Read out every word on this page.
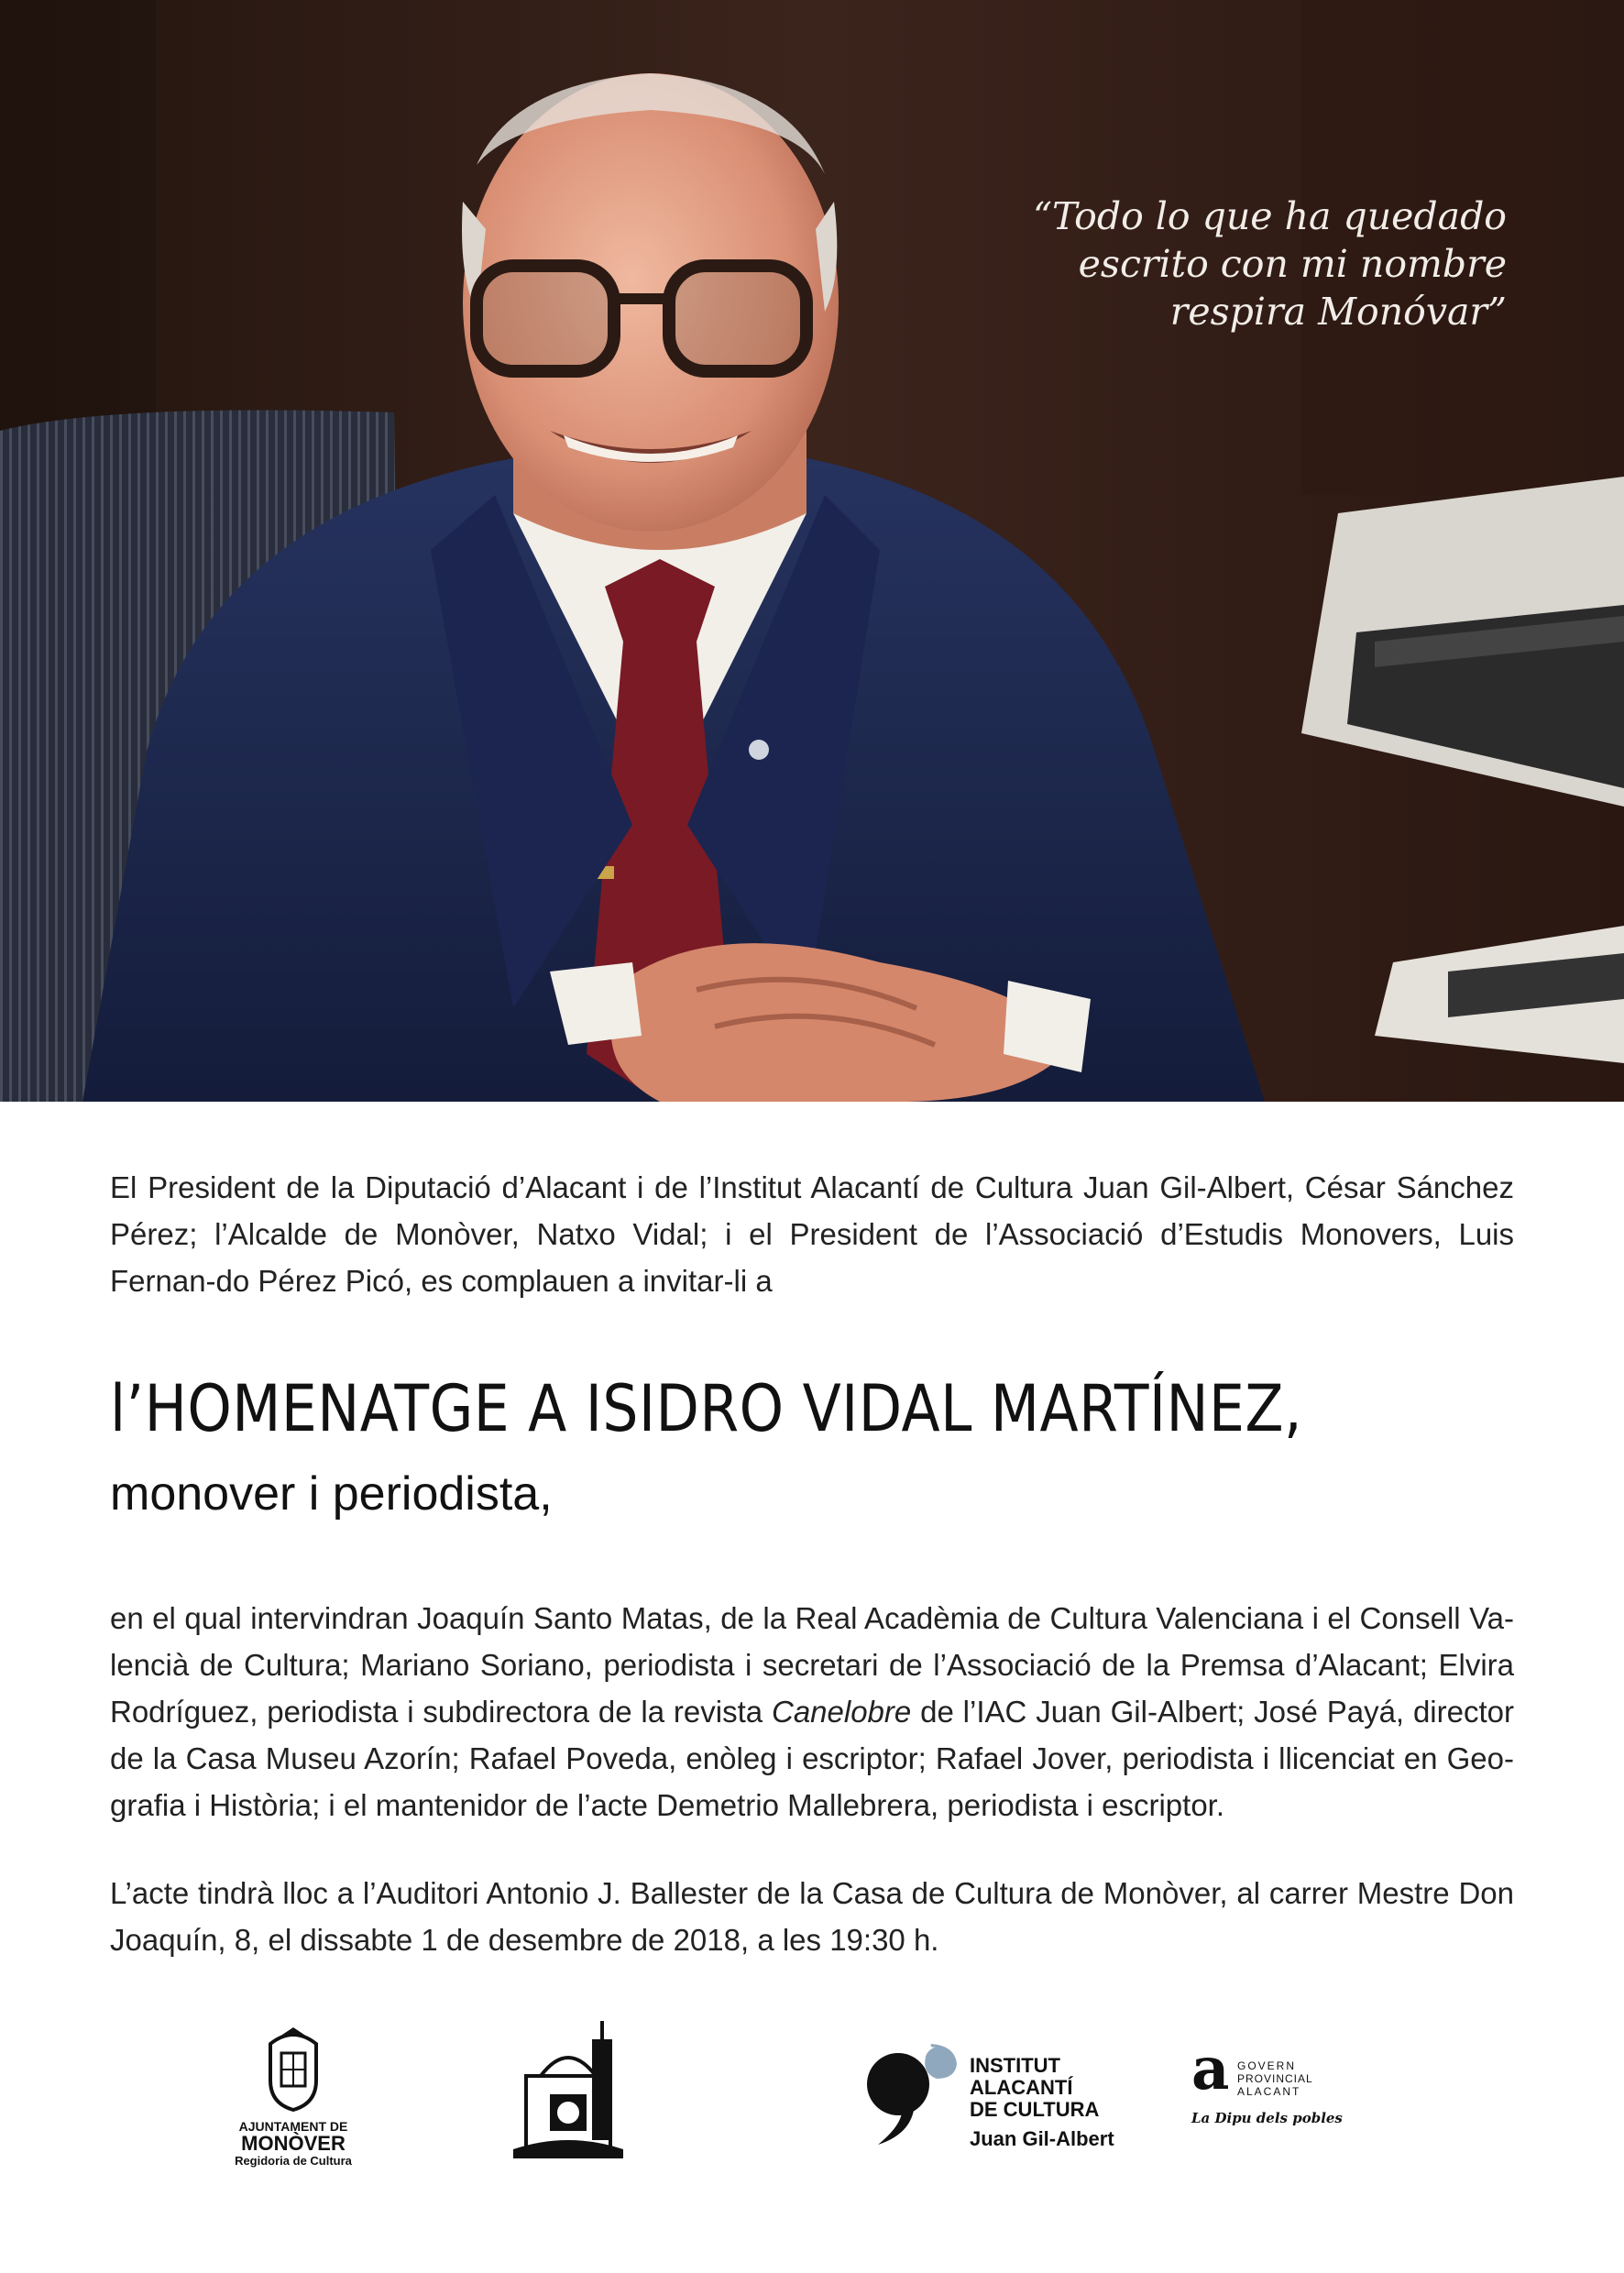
“Todo lo que ha quedado
escrito con mi nombre
respira Monóvar”
El President de la Diputació d’Alacant i de l’Institut Alacantí de Cultura Juan Gil-Albert, César Sánchez Pérez; l’Alcalde de Monòver, Natxo Vidal; i el President de l’Associació d’Estudis Monovers, Luis Fernan-do Pérez Picó, es complauen a invitar-li a
l’HOMENATGE A ISIDRO VIDAL MARTÍNEZ,
monover i periodista,
en el qual intervindran Joaquín Santo Matas, de la Real Acadèmia de Cultura Valenciana i el Consell Va-lencià de Cultura; Mariano Soriano, periodista i secretari de l’Associació de la Premsa d’Alacant; Elvira Rodríguez, periodista i subdirectora de la revista Canelobre de l’IAC Juan Gil-Albert; José Payá, director de la Casa Museu Azorín; Rafael Poveda, enòleg i escriptor; Rafael Jover, periodista i llicenciat en Geo-grafia i Història; i el mantenidor de l’acte Demetrio Mallebrera, periodista i escriptor.
L’acte tindrà lloc a l’Auditori Antonio J. Ballester de la Casa de Cultura de Monòver, al carrer Mestre Don Joaquín, 8, el dissabte 1 de desembre de 2018, a les 19:30 h.
AJUNTAMENT DE
MONÒVER
Regidoria de Cultura
INSTITUT
ALACANTÍ
DE CULTURA
Juan Gil-Albert
a GOVERN
PROVINCIAL
ALACANT
La Dipu dels pobles
